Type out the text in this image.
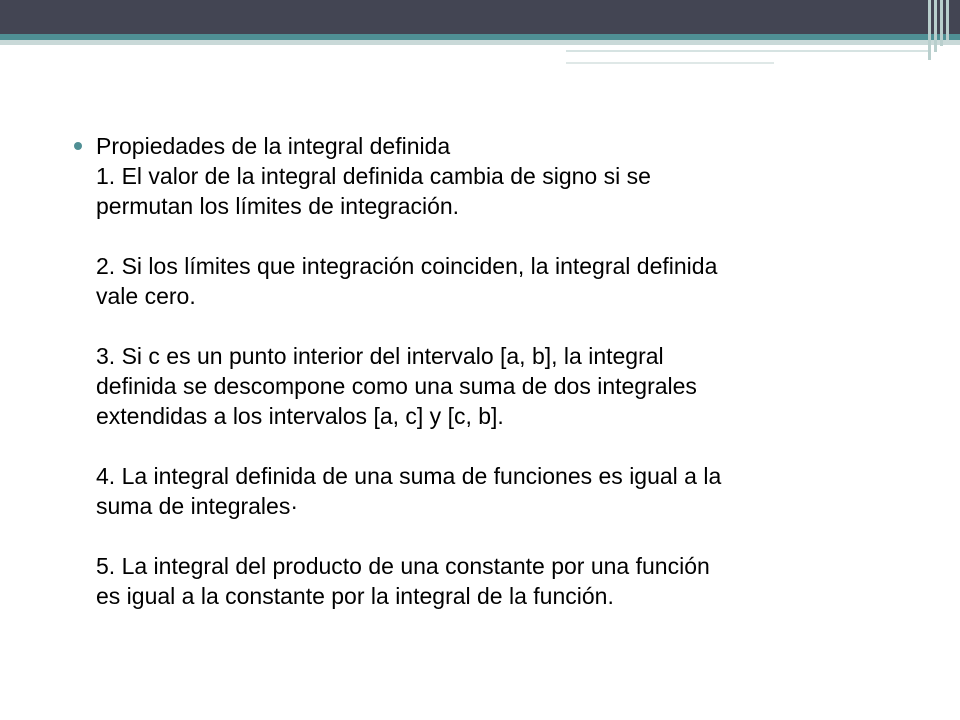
Propiedades de la integral definida
1. El valor de la integral definida cambia de signo si se
permutan los límites de integración.
2. Si los límites que integración coinciden, la integral definida
vale cero.
3. Si c es un punto interior del intervalo [a, b], la integral
definida se descompone como una suma de dos integrales
extendidas a los intervalos [a, c] y [c, b].
4. La integral definida de una suma de funciones es igual a la
suma de integrales·
5. La integral del producto de una constante por una función
es igual a la constante por la integral de la función.
